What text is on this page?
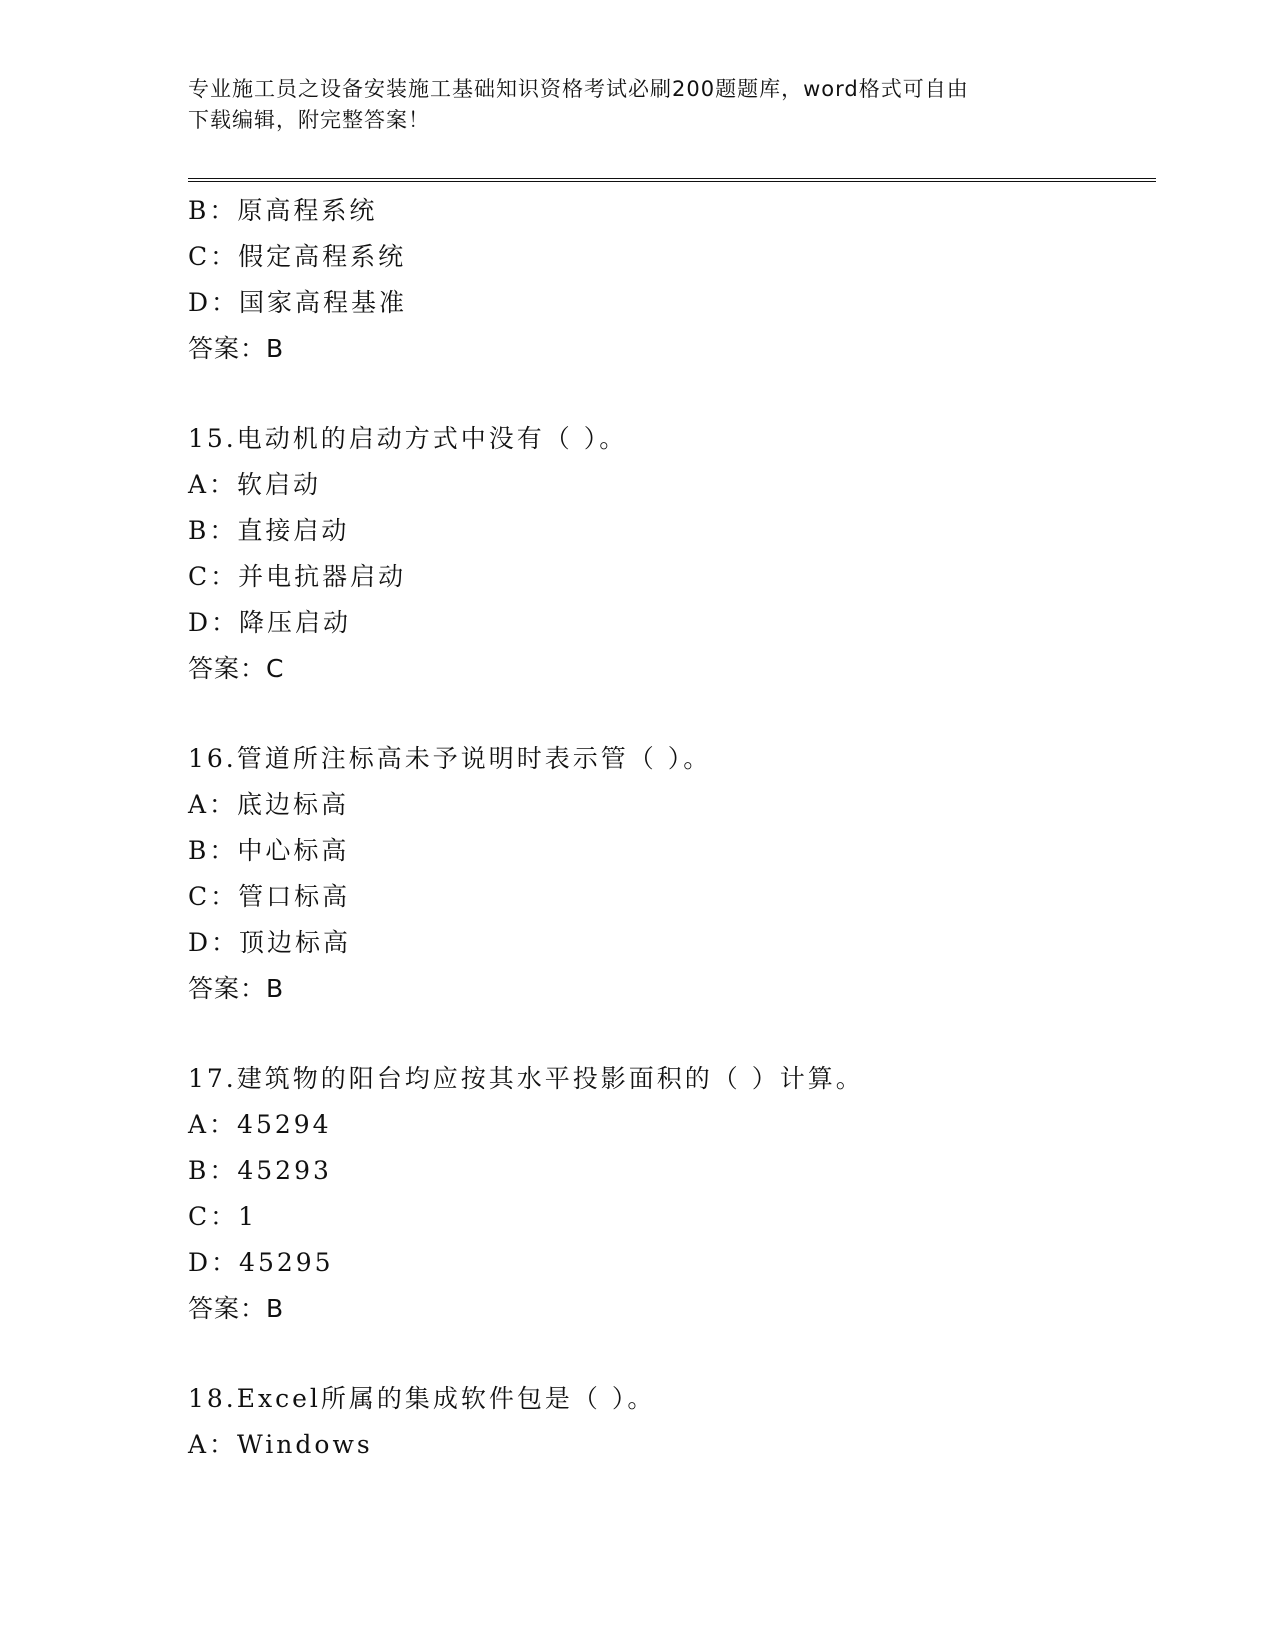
专业施工员之设备安装施工基础知识资格考试必刷200题题库，word格式可自由
下载编辑，附完整答案！
B：原高程系统
C：假定高程系统
D：国家高程基准
答案：B
15.电动机的启动方式中没有（ ）。
A：软启动
B：直接启动
C：并电抗器启动
D：降压启动
答案：C
16.管道所注标高未予说明时表示管（ ）。
A：底边标高
B：中心标高
C：管口标高
D：顶边标高
答案：B
17.建筑物的阳台均应按其水平投影面积的（ ）计算。
A：45294
B：45293
C：1
D：45295
答案：B
18.Excel所属的集成软件包是（ ）。
A：Windows
